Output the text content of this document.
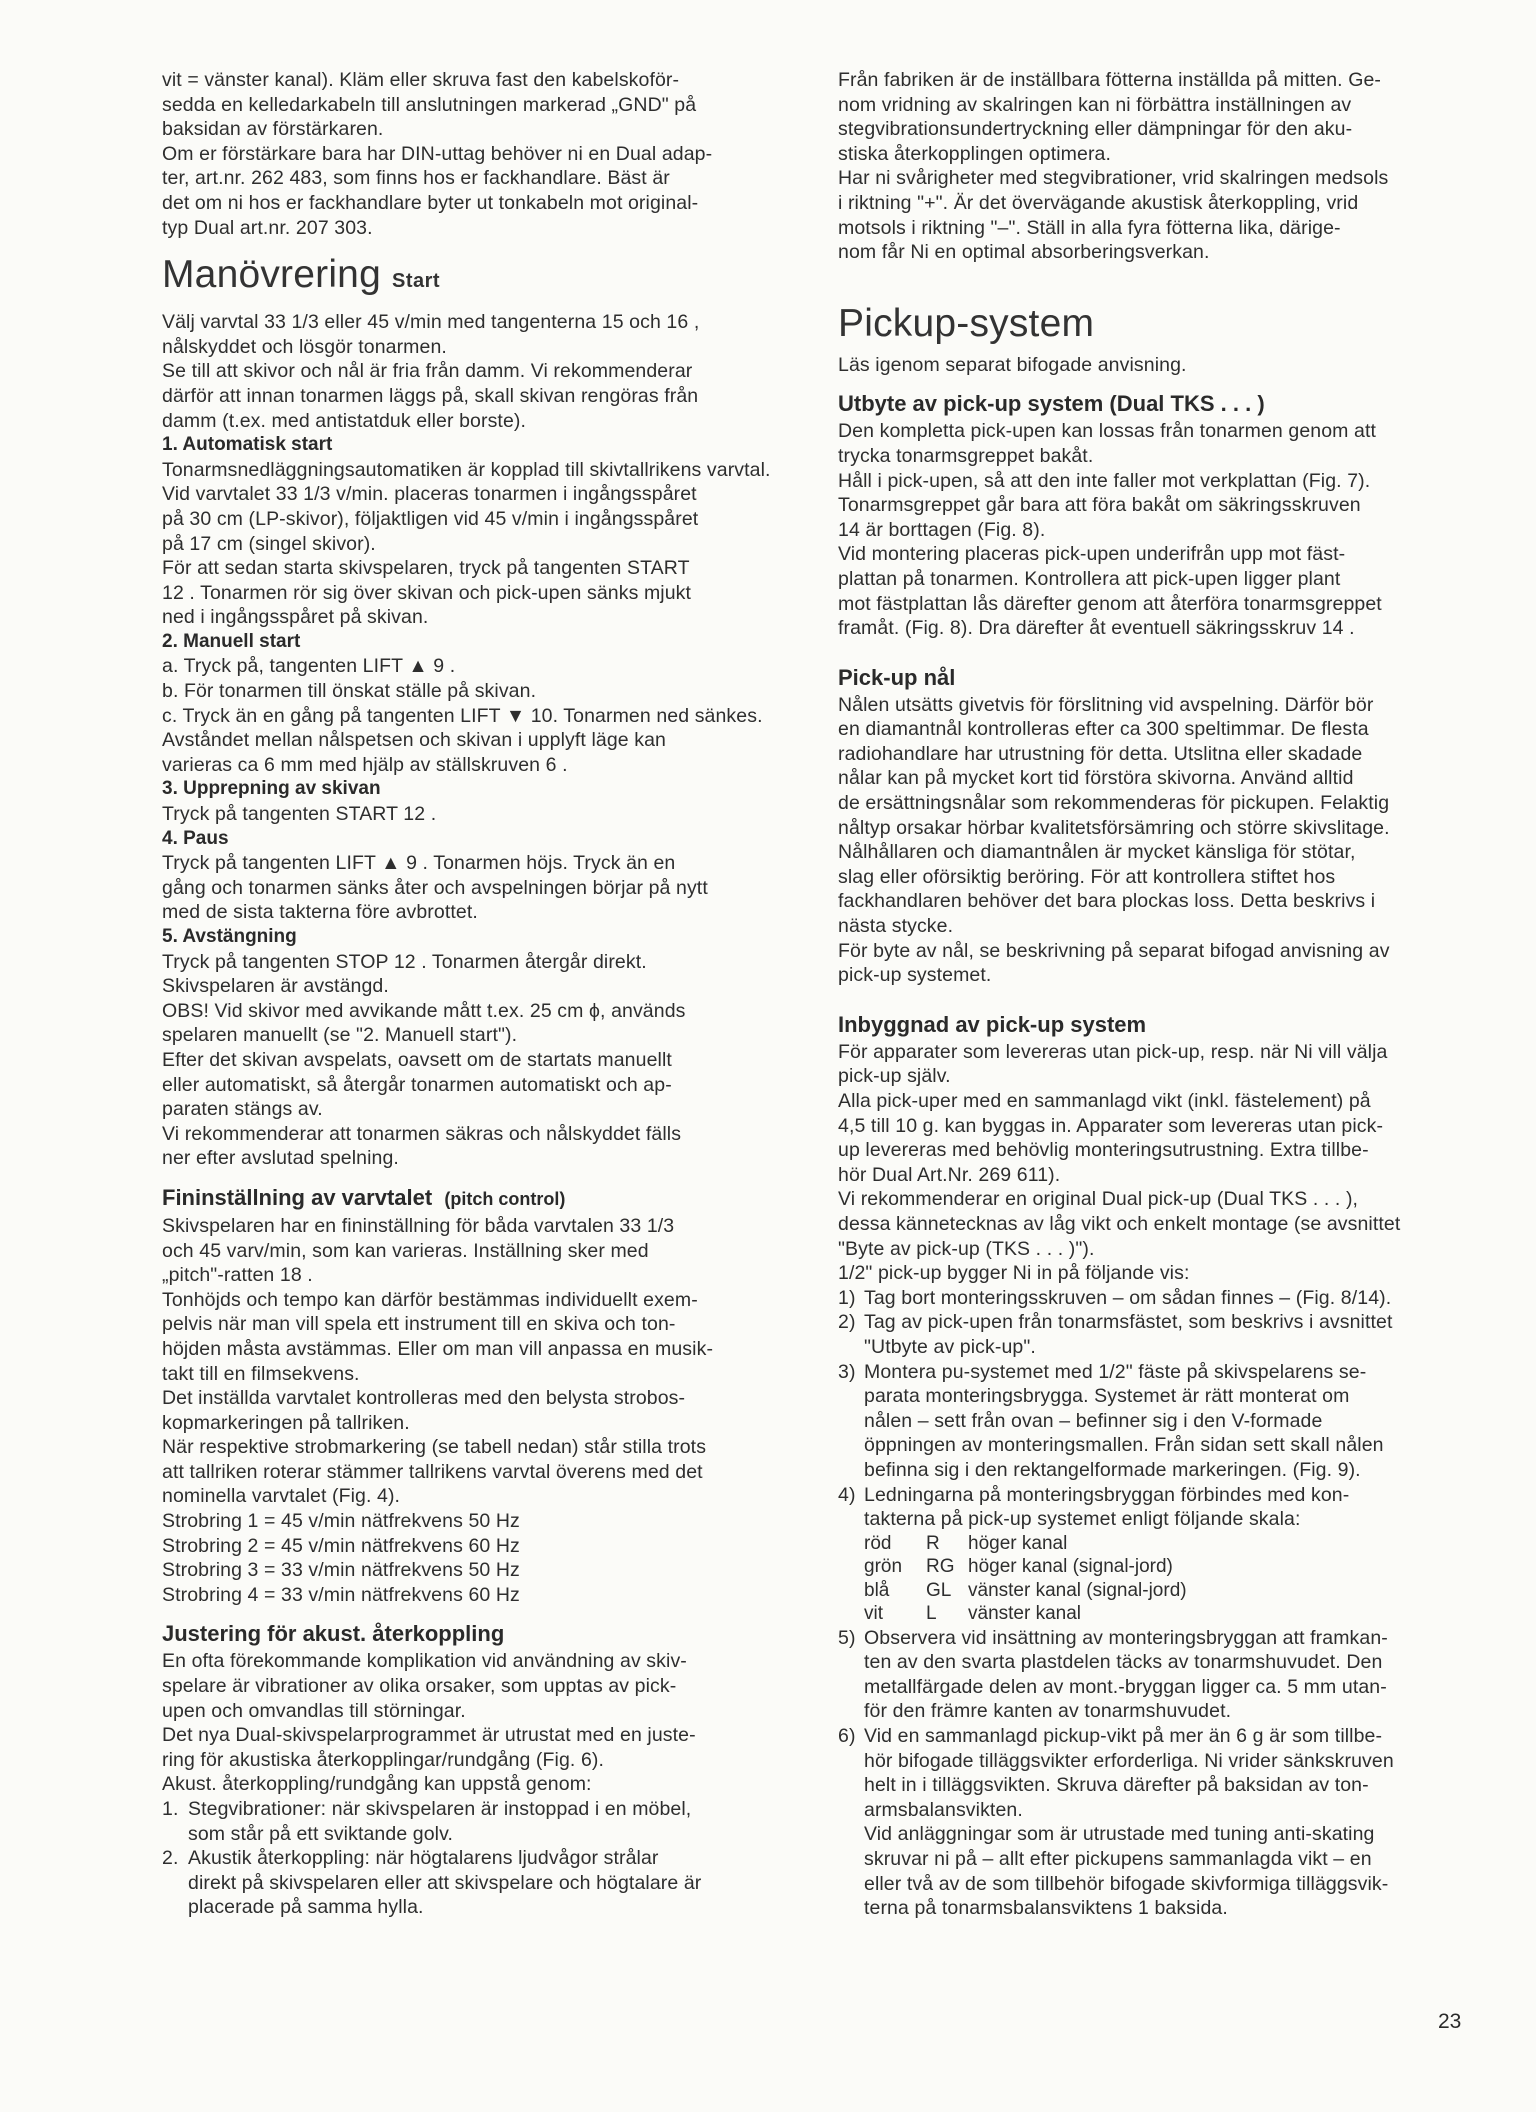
vit = vänster kanal). Kläm eller skruva fast den kabelskoför-

sedda en kelledarkabeln till anslutningen markerad „GND" på

baksidan av förstärkaren.

Om er förstärkare bara har DIN-uttag behöver ni en Dual adap-

ter, art.nr. 262 483, som finns hos er fackhandlare. Bäst är

det om ni hos er fackhandlare byter ut tonkabeln mot original-

typ Dual art.nr. 207 303.

Manövrering Start

Välj varvtal 33 1/3 eller 45 v/min med tangenterna 15 och 16 ,

nålskyddet och lösgör tonarmen.

Se till att skivor och nål är fria från damm. Vi rekommenderar

därför att innan tonarmen läggs på, skall skivan rengöras från

damm (t.ex. med antistatduk eller borste).

1. Automatisk start

Tonarmsnedläggningsautomatiken är kopplad till skivtallrikens varvtal.

Vid varvtalet 33 1/3 v/min. placeras tonarmen i ingångsspåret

på 30 cm (LP-skivor), följaktligen vid 45 v/min i ingångsspåret

på 17 cm (singel skivor).

För att sedan starta skivspelaren, tryck på tangenten START

12 . Tonarmen rör sig över skivan och pick-upen sänks mjukt

ned i ingångsspåret på skivan.

2. Manuell start

a. Tryck på, tangenten LIFT ▲ 9 .

b. För tonarmen till önskat ställe på skivan.

c. Tryck än en gång på tangenten LIFT ▼ 10. Tonarmen ned sänkes.

Avståndet mellan nålspetsen och skivan i upplyft läge kan

varieras ca 6 mm med hjälp av ställskruven 6 .

3. Upprepning av skivan

Tryck på tangenten START 12 .

4. Paus

Tryck på tangenten LIFT ▲ 9 . Tonarmen höjs. Tryck än en

gång och tonarmen sänks åter och avspelningen börjar på nytt

med de sista takterna före avbrottet.

5. Avstängning

Tryck på tangenten STOP 12 . Tonarmen återgår direkt.

Skivspelaren är avstängd.

OBS! Vid skivor med avvikande mått t.ex. 25 cm ϕ, används

spelaren manuellt (se "2. Manuell start").

Efter det skivan avspelats, oavsett om de startats manuellt

eller automatiskt, så återgår tonarmen automatiskt och ap-

paraten stängs av.

Vi rekommenderar att tonarmen säkras och nålskyddet fälls

ner efter avslutad spelning.

Fininställning av varvtalet (pitch control)

Skivspelaren har en fininställning för båda varvtalen 33 1/3

och 45 varv/min, som kan varieras. Inställning sker med

„pitch"-ratten 18 .

Tonhöjds och tempo kan därför bestämmas individuellt exem-

pelvis när man vill spela ett instrument till en skiva och ton-

höjden måsta avstämmas. Eller om man vill anpassa en musik-

takt till en filmsekvens.

Det inställda varvtalet kontrolleras med den belysta strobos-

kopmarkeringen på tallriken.

När respektive strobmarkering (se tabell nedan) står stilla trots

att tallriken roterar stämmer tallrikens varvtal överens med det

nominella varvtalet (Fig. 4).

Strobring 1 = 45 v/min nätfrekvens 50 Hz

Strobring 2 = 45 v/min nätfrekvens 60 Hz

Strobring 3 = 33 v/min nätfrekvens 50 Hz

Strobring 4 = 33 v/min nätfrekvens 60 Hz

Justering för akust. återkoppling

En ofta förekommande komplikation vid användning av skiv-

spelare är vibrationer av olika orsaker, som upptas av pick-

upen och omvandlas till störningar.

Det nya Dual-skivspelarprogrammet är utrustat med en juste-

ring för akustiska återkopplingar/rundgång (Fig. 6).

Akust. återkoppling/rundgång kan uppstå genom:

1. Stegvibrationer: när skivspelaren är instoppad i en möbel,

som står på ett sviktande golv.

2. Akustik återkoppling: när högtalarens ljudvågor strålar

direkt på skivspelaren eller att skivspelare och högtalare är

placerade på samma hylla.

Från fabriken är de inställbara fötterna inställda på mitten. Ge-

nom vridning av skalringen kan ni förbättra inställningen av

stegvibrationsundertryckning eller dämpningar för den aku-

stiska återkopplingen optimera.

Har ni svårigheter med stegvibrationer, vrid skalringen medsols

i riktning "+". Är det övervägande akustisk återkoppling, vrid

motsols i riktning "–". Ställ in alla fyra fötterna lika, därige-

nom får Ni en optimal absorberingsverkan.

Pickup-system

Läs igenom separat bifogade anvisning.

Utbyte av pick-up system (Dual TKS . . . )

Den kompletta pick-upen kan lossas från tonarmen genom att

trycka tonarmsgreppet bakåt.

Håll i pick-upen, så att den inte faller mot verkplattan (Fig. 7).

Tonarmsgreppet går bara att föra bakåt om säkringsskruven

14 är borttagen (Fig. 8).

Vid montering placeras pick-upen underifrån upp mot fäst-

plattan på tonarmen. Kontrollera att pick-upen ligger plant

mot fästplattan lås därefter genom att återföra tonarmsgreppet

framåt. (Fig. 8). Dra därefter åt eventuell säkringsskruv 14 .

Pick-up nål

Nålen utsätts givetvis för förslitning vid avspelning. Därför bör

en diamantnål kontrolleras efter ca 300 speltimmar. De flesta

radiohandlare har utrustning för detta. Utslitna eller skadade

nålar kan på mycket kort tid förstöra skivorna. Använd alltid

de ersättningsnålar som rekommenderas för pickupen. Felaktig

nåltyp orsakar hörbar kvalitetsförsämring och större skivslitage.

Nålhållaren och diamantnålen är mycket känsliga för stötar,

slag eller oförsiktig beröring. För att kontrollera stiftet hos

fackhandlaren behöver det bara plockas loss. Detta beskrivs i

nästa stycke.

För byte av nål, se beskrivning på separat bifogad anvisning av

pick-up systemet.

Inbyggnad av pick-up system

För apparater som levereras utan pick-up, resp. när Ni vill välja

pick-up själv.

Alla pick-uper med en sammanlagd vikt (inkl. fästelement) på

4,5 till 10 g. kan byggas in. Apparater som levereras utan pick-

up levereras med behövlig monteringsutrustning. Extra tillbe-

hör Dual Art.Nr. 269 611).

Vi rekommenderar en original Dual pick-up (Dual TKS . . . ),

dessa kännetecknas av låg vikt och enkelt montage (se avsnittet

"Byte av pick-up (TKS . . . )").

1/2" pick-up bygger Ni in på följande vis:

1) Tag bort monteringsskruven – om sådan finnes – (Fig. 8/14).

2) Tag av pick-upen från tonarmsfästet, som beskrivs i avsnittet

"Utbyte av pick-up".

3) Montera pu-systemet med 1/2" fäste på skivspelarens se-

parata monteringsbrygga. Systemet är rätt monterat om

nålen – sett från ovan – befinner sig i den V-formade

öppningen av monteringsmallen. Från sidan sett skall nålen

befinna sig i den rektangelformade markeringen. (Fig. 9).

4) Ledningarna på monteringsbryggan förbindes med kon-

takterna på pick-up systemet enligt följande skala:

röd	R	höger kanal
grön	RG höger kanal (signal-jord)
blå	GL vänster kanal (signal-jord)
vit	L	vänster kanal

5) Observera vid insättning av monteringsbryggan att framkan-

ten av den svarta plastdelen täcks av tonarmshuvudet. Den

metallfärgade delen av mont.-bryggan ligger ca. 5 mm utan-

för den främre kanten av tonarmshuvudet.

6) Vid en sammanlagd pickup-vikt på mer än 6 g är som tillbe-

hör bifogade tilläggsvikter erforderliga. Ni vrider sänkskruven

helt in i tilläggsvikten. Skruva därefter på baksidan av ton-

armsbalansvikten.

Vid anläggningar som är utrustade med tuning anti-skating

skruvar ni på – allt efter pickupens sammanlagda vikt – en

eller två av de som tillbehör bifogade skivformiga tilläggsvik-

terna på tonarmsbalansviktens 1 baksida.

23
